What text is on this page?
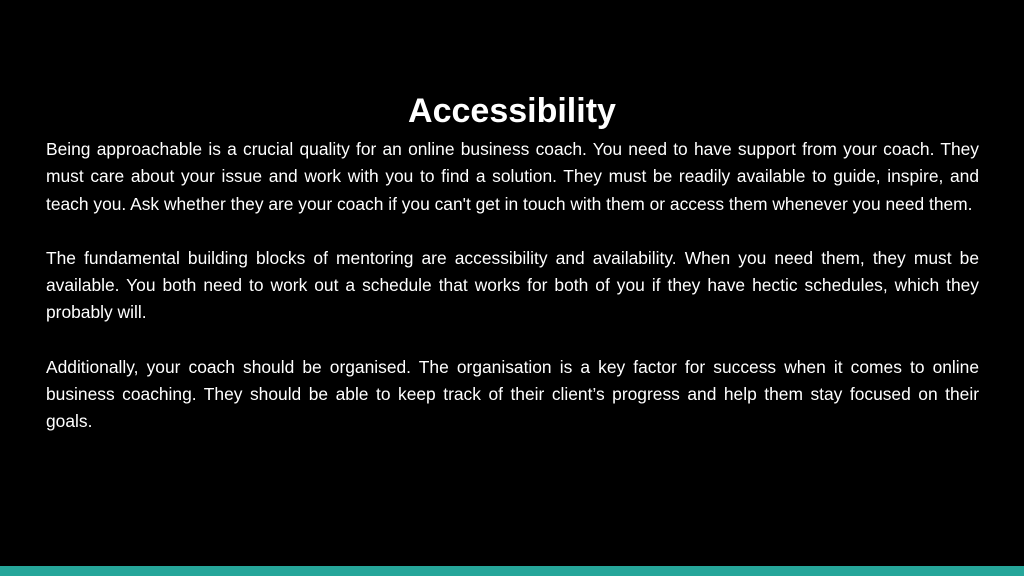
Accessibility

Being approachable is a crucial quality for an online business coach. You need to have support from your coach. They must care about your issue and work with you to find a solution. They must be readily available to guide, inspire, and teach you. Ask whether they are your coach if you can't get in touch with them or access them whenever you need them.

The fundamental building blocks of mentoring are accessibility and availability. When you need them, they must be available. You both need to work out a schedule that works for both of you if they have hectic schedules, which they probably will.

Additionally, your coach should be organised. The organisation is a key factor for success when it comes to online business coaching. They should be able to keep track of their client’s progress and help them stay focused on their goals.
